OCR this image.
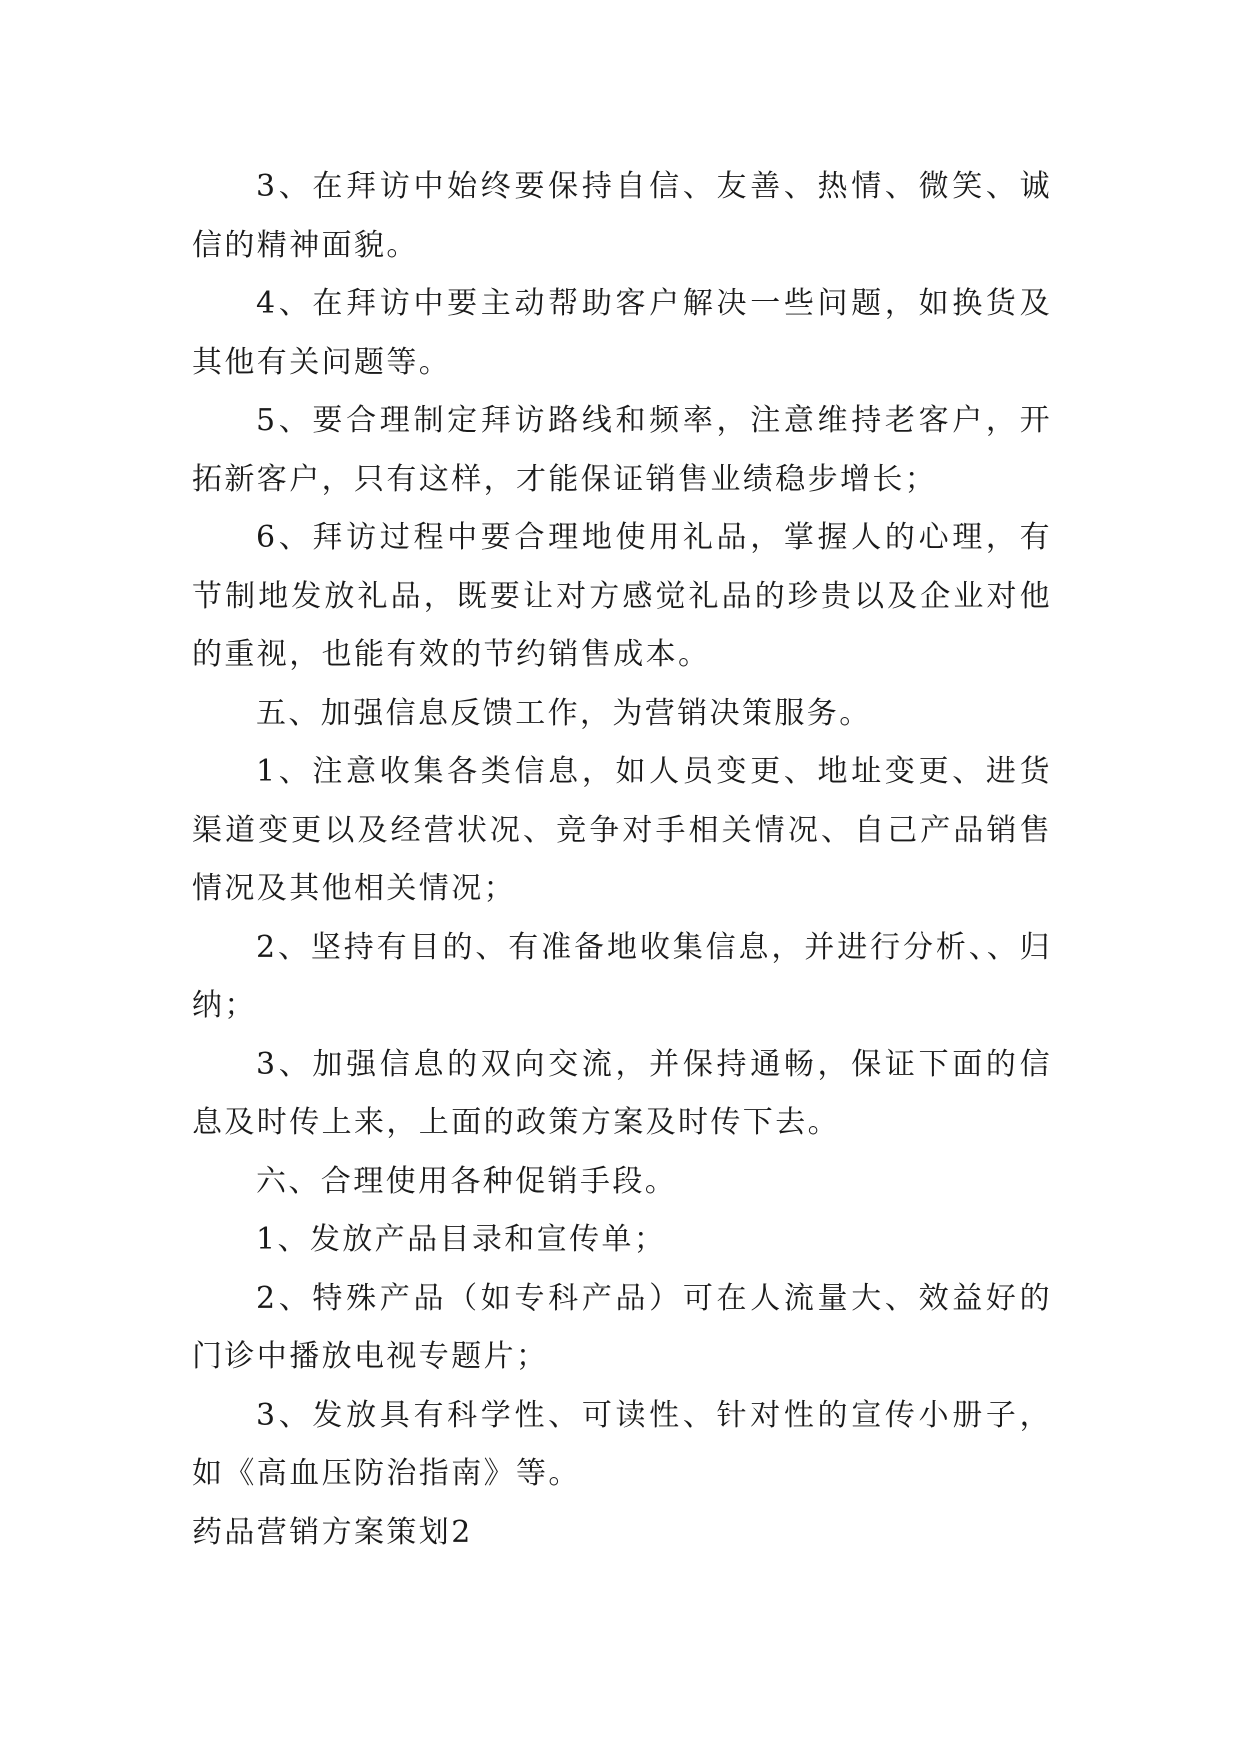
3、在拜访中始终要保持自信、友善、热情、微笑、诚信的精神面貌。

4、在拜访中要主动帮助客户解决一些问题，如换货及其他有关问题等。

5、要合理制定拜访路线和频率，注意维持老客户，开拓新客户，只有这样，才能保证销售业绩稳步增长；

6、拜访过程中要合理地使用礼品，掌握人的心理，有节制地发放礼品，既要让对方感觉礼品的珍贵以及企业对他的重视，也能有效的节约销售成本。

五、加强信息反馈工作，为营销决策服务。

1、注意收集各类信息，如人员变更、地址变更、进货渠道变更以及经营状况、竞争对手相关情况、自己产品销售情况及其他相关情况；

2、坚持有目的、有准备地收集信息，并进行分析、、归纳；

3、加强信息的双向交流，并保持通畅，保证下面的信息及时传上来，上面的政策方案及时传下去。

六、合理使用各种促销手段。

1、发放产品目录和宣传单；

2、特殊产品（如专科产品）可在人流量大、效益好的门诊中播放电视专题片；

3、发放具有科学性、可读性、针对性的宣传小册子，如《高血压防治指南》等。

药品营销方案策划2
